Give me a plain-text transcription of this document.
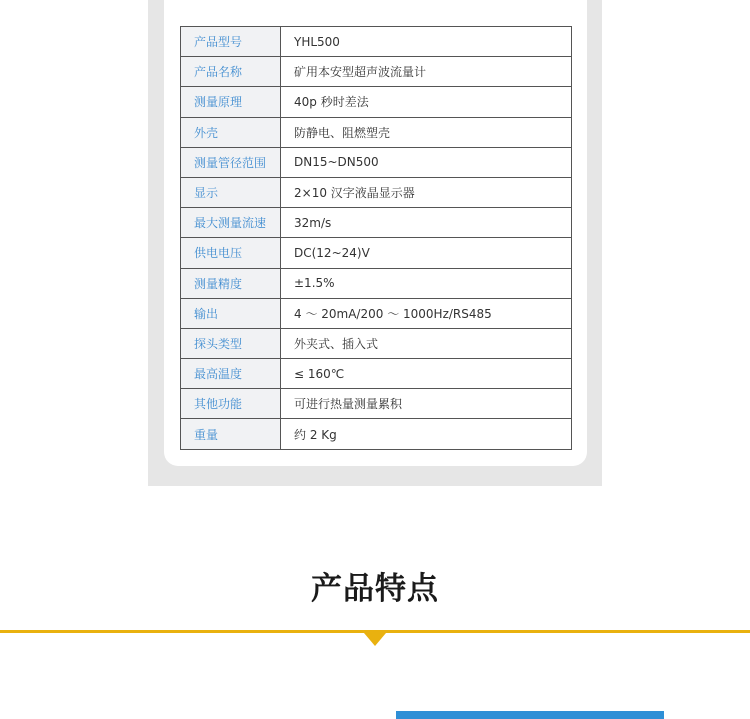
产品型号	YHL500
产品名称	矿用本安型超声波流量计
测量原理	40p 秒时差法
外壳	防静电、阻燃塑壳
测量管径范围	DN15~DN500
显示	2×10 汉字液晶显示器
最大测量流速	32m/s
供电电压	DC(12~24)V
测量精度	±1.5%
输出	4 ～ 20mA/200 ～ 1000Hz/RS485
探头类型	外夹式、插入式
最高温度	≤ 160℃
其他功能	可进行热量测量累积
重量	约 2 Kg
产品特点
